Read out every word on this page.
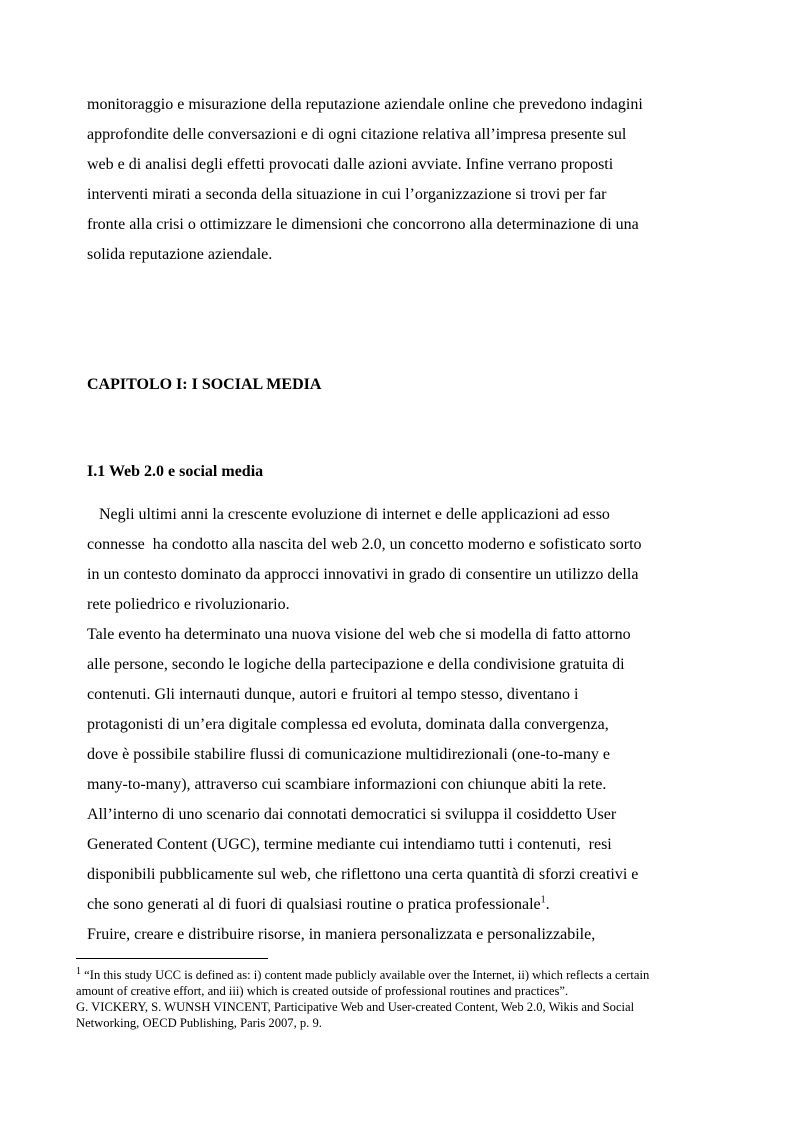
monitoraggio e misurazione della reputazione aziendale online che prevedono indagini
approfondite delle conversazioni e di ogni citazione relativa all’impresa presente sul
web e di analisi degli effetti provocati dalle azioni avviate. Infine verrano proposti
interventi mirati a seconda della situazione in cui l’organizzazione si trovi per far
fronte alla crisi o ottimizzare le dimensioni che concorrono alla determinazione di una
solida reputazione aziendale.
CAPITOLO I: I SOCIAL MEDIA
I.1 Web 2.0 e social media
Negli ultimi anni la crescente evoluzione di internet e delle applicazioni ad esso
connesse  ha condotto alla nascita del web 2.0, un concetto moderno e sofisticato sorto
in un contesto dominato da approcci innovativi in grado di consentire un utilizzo della
rete poliedrico e rivoluzionario.
Tale evento ha determinato una nuova visione del web che si modella di fatto attorno
alle persone, secondo le logiche della partecipazione e della condivisione gratuita di
contenuti. Gli internauti dunque, autori e fruitori al tempo stesso, diventano i
protagonisti di un’era digitale complessa ed evoluta, dominata dalla convergenza,
dove è possibile stabilire flussi di comunicazione multidirezionali (one-to-many e
many-to-many), attraverso cui scambiare informazioni con chiunque abiti la rete.
All’interno di uno scenario dai connotati democratici si sviluppa il cosiddetto User
Generated Content (UGC), termine mediante cui intendiamo tutti i contenuti,  resi
disponibili pubblicamente sul web, che riflettono una certa quantità di sforzi creativi e
che sono generati al di fuori di qualsiasi routine o pratica professionale$^1$.
Fruire, creare e distribuire risorse, in maniera personalizzata e personalizzabile,
$^1$ “In this study UCC is defined as: i) content made publicly available over the Internet, ii) which reflects a certain
amount of creative effort, and iii) which is created outside of professional routines and practices”.
G. VICKERY, S. WUNSH VINCENT, Participative Web and User-created Content, Web 2.0, Wikis and Social
Networking, OECD Publishing, Paris 2007, p. 9.
